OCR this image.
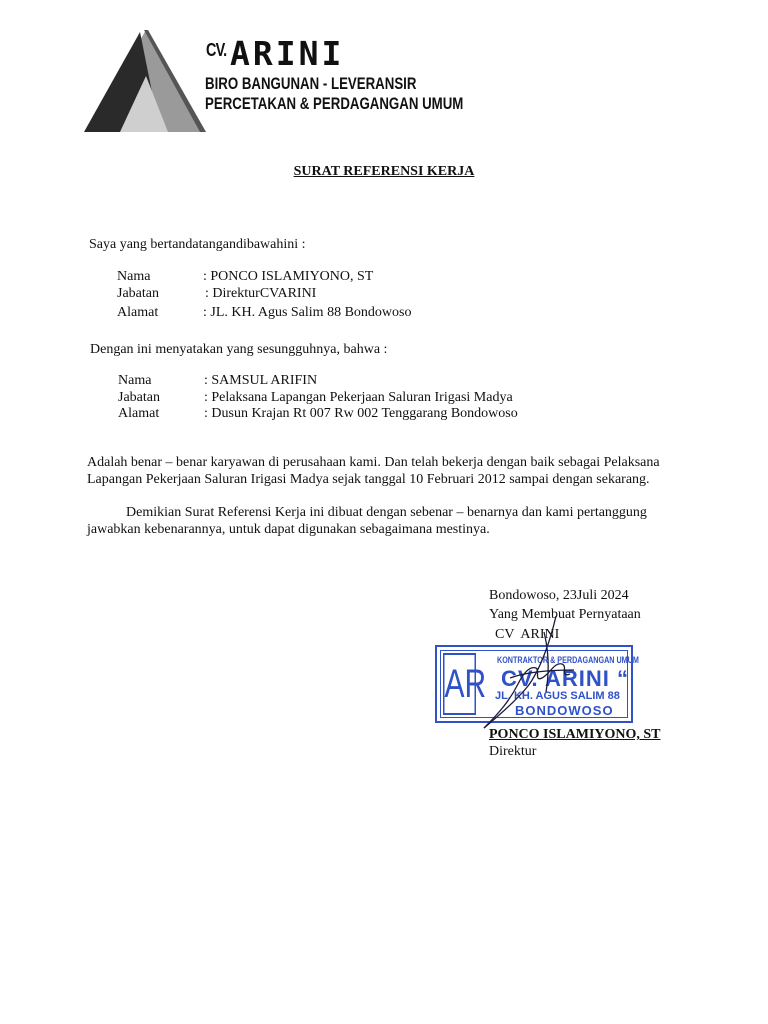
CV. ARINI
BIRO BANGUNAN - LEVERANSIR
PERCETAKAN & PERDAGANGAN UMUM
SURAT REFERENSI KERJA
Saya yang bertandatangandibawahini :
Nama	: PONCO ISLAMIYONO, ST
Jabatan	: DirekturCVARINI
Alamat	: JL. KH. Agus Salim 88 Bondowoso
Dengan ini menyatakan yang sesungguhnya, bahwa :
Nama	: SAMSUL ARIFIN
Jabatan	: Pelaksana Lapangan Pekerjaan Saluran Irigasi Madya
Alamat	: Dusun Krajan Rt 007 Rw 002 Tenggarang Bondowoso
Adalah benar – benar karyawan di perusahaan kami. Dan telah bekerja dengan baik sebagai Pelaksana
Lapangan Pekerjaan Saluran Irigasi Madya sejak tanggal 10 Februari 2012 sampai dengan sekarang.
Demikian Surat Referensi Kerja ini dibuat dengan sebenar – benarnya dan kami pertanggung
jawabkan kebenarannya, untuk dapat digunakan sebagaimana mestinya.
Bondowoso, 23Juli 2024
Yang Membuat Pernyataan
CV  ARINI
AR
KONTRAKTOR & PERDAGANGAN UMUM
CV. ARINI “
JL. KH. AGUS SALIM 88
BONDOWOSO
PONCO ISLAMIYONO, ST
Direktur
